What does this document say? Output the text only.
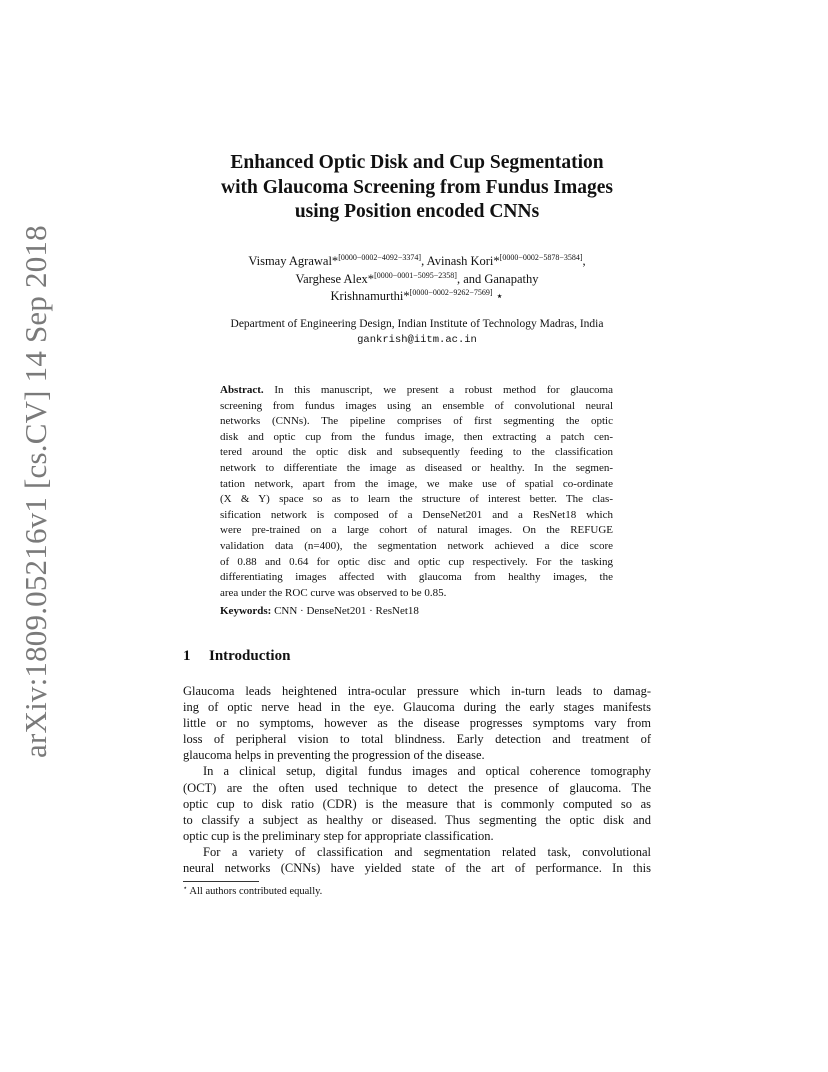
arXiv:1809.05216v1 [cs.CV] 14 Sep 2018
Enhanced Optic Disk and Cup Segmentation
with Glaucoma Screening from Fundus Images
using Position encoded CNNs
Vismay Agrawal*[0000−0002−4092−3374], Avinash Kori*[0000−0002−5878−3584],
Varghese Alex*[0000−0001−5095−2358], and Ganapathy
Krishnamurthi*[0000−0002−9262−7569] ⋆
Department of Engineering Design, Indian Institute of Technology Madras, India
gankrish@iitm.ac.in
Abstract. In this manuscript, we present a robust method for glaucoma
screening from fundus images using an ensemble of convolutional neural
networks (CNNs). The pipeline comprises of first segmenting the optic
disk and optic cup from the fundus image, then extracting a patch cen-
tered around the optic disk and subsequently feeding to the classification
network to differentiate the image as diseased or healthy. In the segmen-
tation network, apart from the image, we make use of spatial co-ordinate
(X & Y) space so as to learn the structure of interest better. The clas-
sification network is composed of a DenseNet201 and a ResNet18 which
were pre-trained on a large cohort of natural images. On the REFUGE
validation data (n=400), the segmentation network achieved a dice score
of 0.88 and 0.64 for optic disc and optic cup respectively. For the tasking
differentiating images affected with glaucoma from healthy images, the
area under the ROC curve was observed to be 0.85.
Keywords: CNN · DenseNet201 · ResNet18
1 Introduction
Glaucoma leads heightened intra-ocular pressure which in-turn leads to damag-
ing of optic nerve head in the eye. Glaucoma during the early stages manifests
little or no symptoms, however as the disease progresses symptoms vary from
loss of peripheral vision to total blindness. Early detection and treatment of
glaucoma helps in preventing the progression of the disease.
In a clinical setup, digital fundus images and optical coherence tomography
(OCT) are the often used technique to detect the presence of glaucoma. The
optic cup to disk ratio (CDR) is the measure that is commonly computed so as
to classify a subject as healthy or diseased. Thus segmenting the optic disk and
optic cup is the preliminary step for appropriate classification.
For a variety of classification and segmentation related task, convolutional
neural networks (CNNs) have yielded state of the art of performance. In this
⋆ All authors contributed equally.
